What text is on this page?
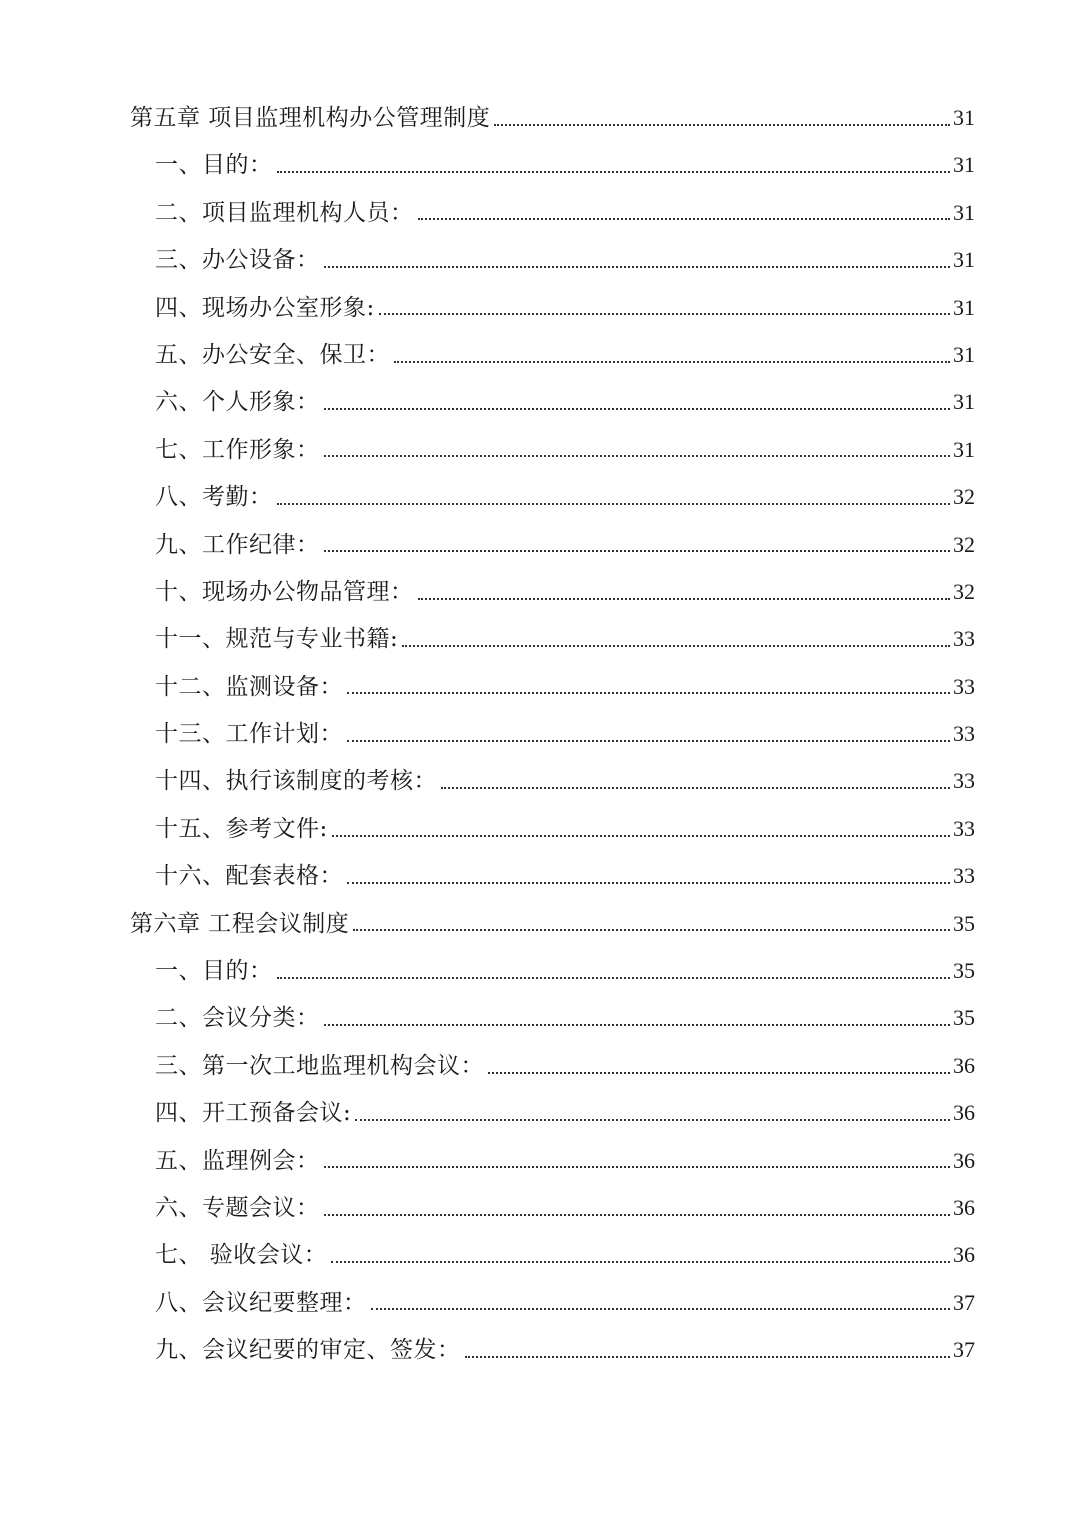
第五章 项目监理机构办公管理制度	31
一、目的：	31
二、项目监理机构人员：	31
三、办公设备：	31
四、现场办公室形象:	31
五、办公安全、保卫：	31
六、个人形象：	31
七、工作形象：	31
八、考勤：	32
九、工作纪律：	32
十、现场办公物品管理：	32
十一、规范与专业书籍:	33
十二、监测设备：	33
十三、工作计划：	33
十四、执行该制度的考核：	33
十五、参考文件:	33
十六、配套表格：	33
第六章 工程会议制度	35
一、目的：	35
二、会议分类：	35
三、第一次工地监理机构会议：	36
四、开工预备会议:	36
五、监理例会：	36
六、专题会议：	36
七、 验收会议：	36
八、会议纪要整理：	37
九、会议纪要的审定、签发：	37
